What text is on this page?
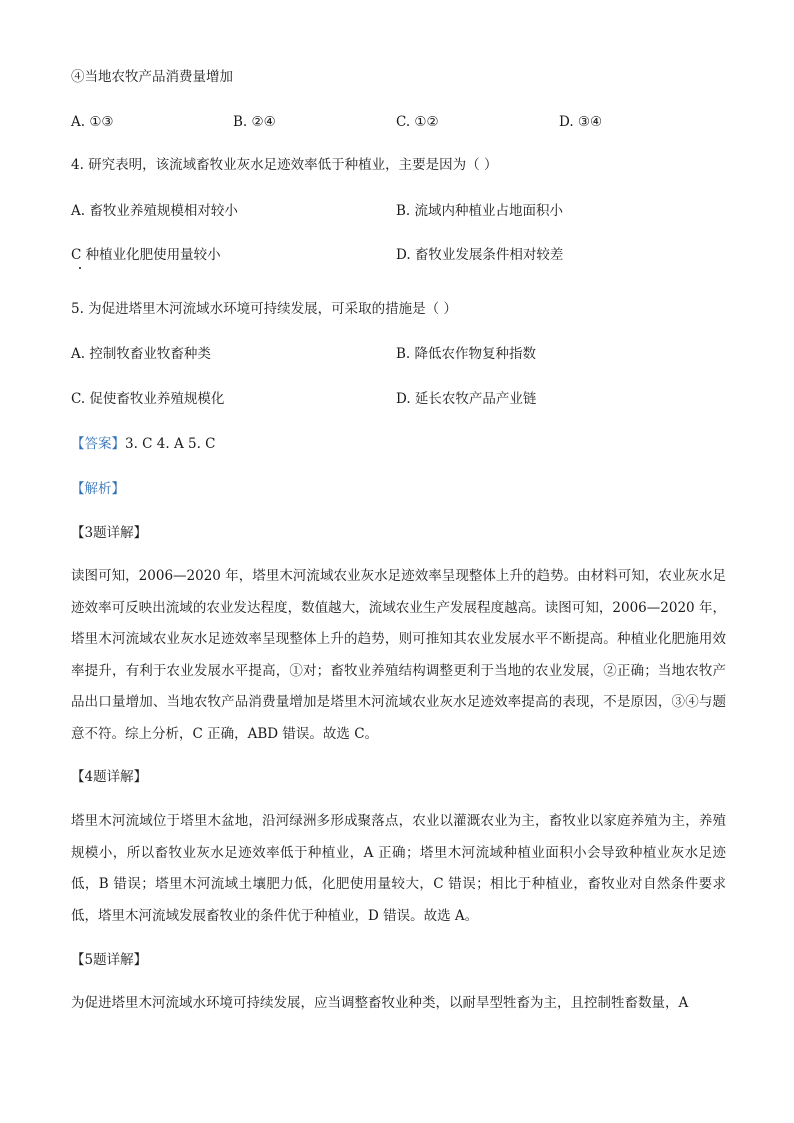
④当地农牧产品消费量增加
A. ①③	B. ②④	C. ①②	D. ③④
4. 研究表明，该流域畜牧业灰水足迹效率低于种植业，主要是因为（ ）
A. 畜牧业养殖规模相对较小	B. 流域内种植业占地面积小
C 种植业化肥使用量较小	D. 畜牧业发展条件相对较差
5. 为促进塔里木河流域水环境可持续发展，可采取的措施是（ ）
A. 控制牧畜业牧畜种类	B. 降低农作物复种指数
C. 促使畜牧业养殖规模化	D. 延长农牧产品产业链
【答案】3. C 4. A 5. C
【解析】
【3题详解】
读图可知，2006—2020 年，塔里木河流域农业灰水足迹效率呈现整体上升的趋势。由材料可知，农业灰水足迹效率可反映出流域的农业发达程度，数值越大，流域农业生产发展程度越高。读图可知，2006—2020 年，塔里木河流域农业灰水足迹效率呈现整体上升的趋势，则可推知其农业发展水平不断提高。种植业化肥施用效率提升，有利于农业发展水平提高，①对；畜牧业养殖结构调整更利于当地的农业发展，②正确；当地农牧产品出口量增加、当地农牧产品消费量增加是塔里木河流域农业灰水足迹效率提高的表现，不是原因，③④与题意不符。综上分析，C 正确，ABD 错误。故选 C。
【4题详解】
塔里木河流域位于塔里木盆地，沿河绿洲多形成聚落点，农业以灌溉农业为主，畜牧业以家庭养殖为主，养殖规模小，所以畜牧业灰水足迹效率低于种植业，A 正确；塔里木河流域种植业面积小会导致种植业灰水足迹低，B 错误；塔里木河流域土壤肥力低，化肥使用量较大，C 错误；相比于种植业，畜牧业对自然条件要求低，塔里木河流域发展畜牧业的条件优于种植业，D 错误。故选 A。
【5题详解】
为促进塔里木河流域水环境可持续发展，应当调整畜牧业种类，以耐旱型牲畜为主，且控制牲畜数量，A
